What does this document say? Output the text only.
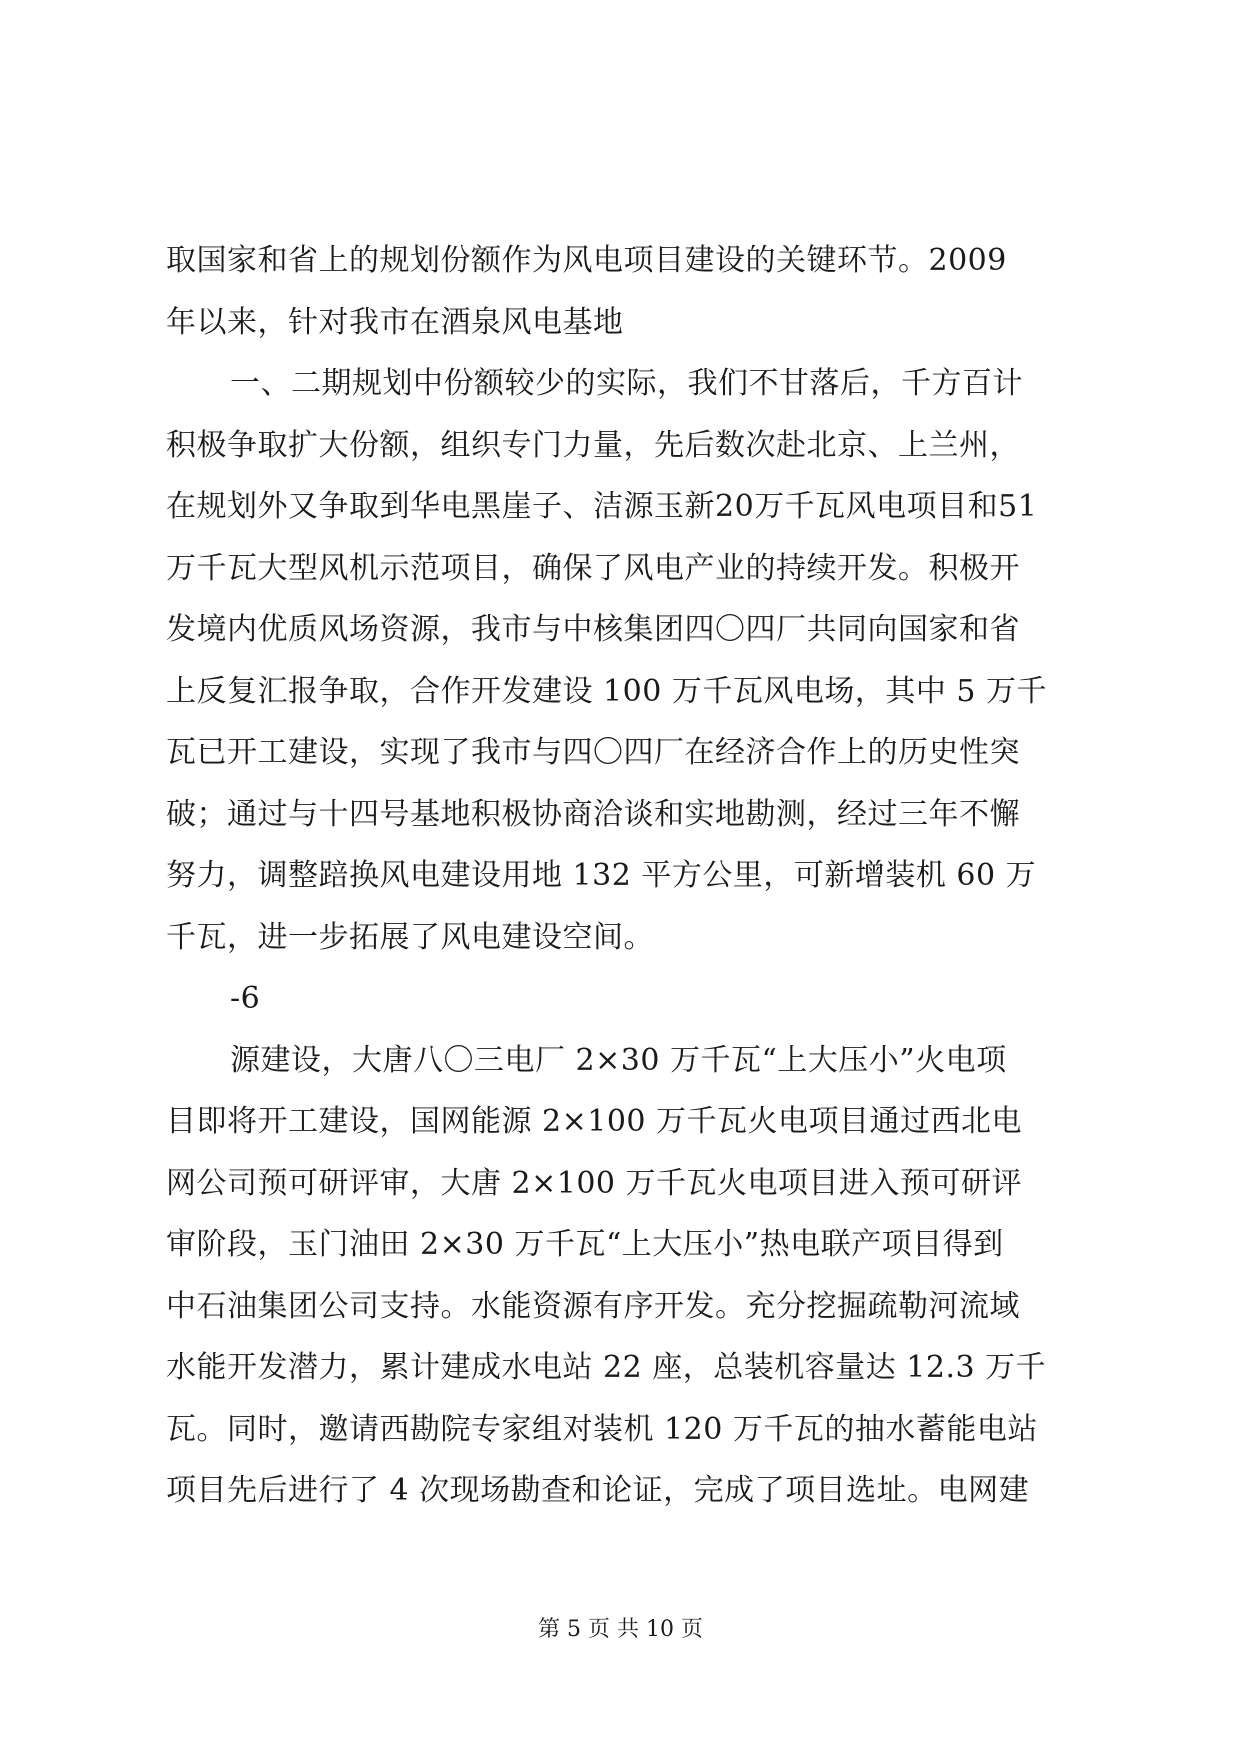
取国家和省上的规划份额作为风电项目建设的关键环节。2009
年以来，针对我市在酒泉风电基地
一、二期规划中份额较少的实际，我们不甘落后，千方百计
积极争取扩大份额，组织专门力量，先后数次赴北京、上兰州，
在规划外又争取到华电黑崖子、洁源玉新20万千瓦风电项目和51
万千瓦大型风机示范项目，确保了风电产业的持续开发。积极开
发境内优质风场资源，我市与中核集团四〇四厂共同向国家和省
上反复汇报争取，合作开发建设 100 万千瓦风电场，其中 5 万千
瓦已开工建设，实现了我市与四〇四厂在经济合作上的历史性突
破；通过与十四号基地积极协商洽谈和实地勘测，经过三年不懈
努力，调整踣换风电建设用地 132 平方公里，可新增装机 60 万
千瓦，进一步拓展了风电建设空间。
-6
源建设，大唐八〇三电厂 2×30 万千瓦“上大压小”火电项
目即将开工建设，国网能源 2×100 万千瓦火电项目通过西北电
网公司预可研评审，大唐 2×100 万千瓦火电项目进入预可研评
审阶段，玉门油田 2×30 万千瓦“上大压小”热电联产项目得到
中石油集团公司支持。水能资源有序开发。充分挖掘疏勒河流域
水能开发潜力，累计建成水电站 22 座，总装机容量达 12.3 万千
瓦。同时，邀请西勘院专家组对装机 120 万千瓦的抽水蓄能电站
项目先后进行了 4 次现场勘查和论证，完成了项目选址。电网建
第 5 页 共 10 页
